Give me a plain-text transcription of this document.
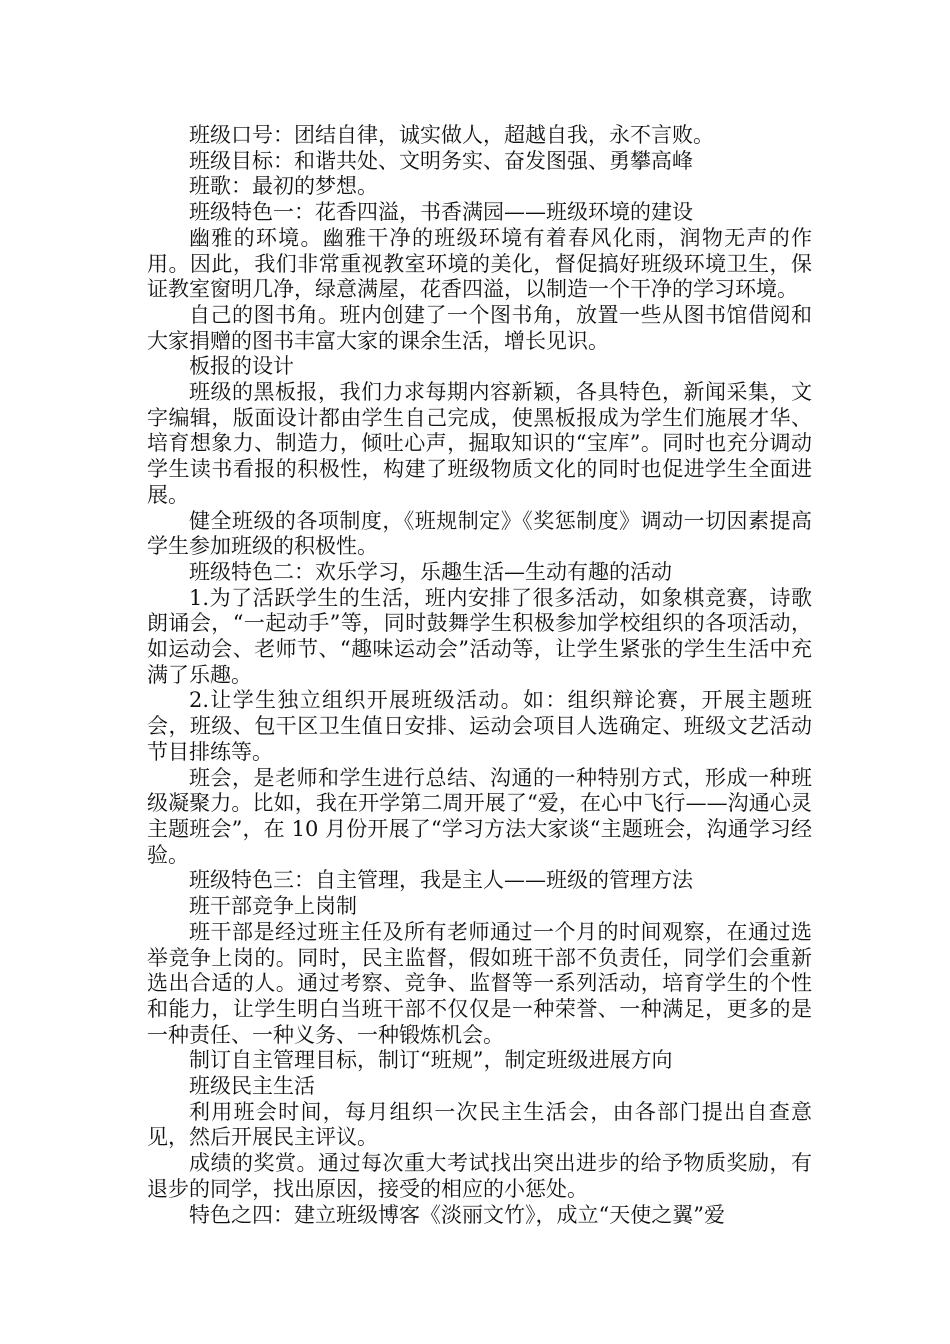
班级口号：团结自律，诚实做人，超越自我，永不言败。

班级目标：和谐共处、文明务实、奋发图强、勇攀高峰

班歌：最初的梦想。

班级特色一：花香四溢，书香满园——班级环境的建设

幽雅的环境。幽雅干净的班级环境有着春风化雨，润物无声的作用。因此，我们非常重视教室环境的美化，督促搞好班级环境卫生，保证教室窗明几净，绿意满屋，花香四溢，以制造一个干净的学习环境。

自己的图书角。班内创建了一个图书角，放置一些从图书馆借阅和大家捐赠的图书丰富大家的课余生活，增长见识。

板报的设计

班级的黑板报，我们力求每期内容新颖，各具特色，新闻采集，文字编辑，版面设计都由学生自己完成，使黑板报成为学生们施展才华、培育想象力、制造力，倾吐心声，掘取知识的“宝库”。同时也充分调动学生读书看报的积极性，构建了班级物质文化的同时也促进学生全面进展。

健全班级的各项制度，《班规制定》《奖惩制度》调动一切因素提高学生参加班级的积极性。

班级特色二：欢乐学习，乐趣生活—生动有趣的活动

1.为了活跃学生的生活，班内安排了很多活动，如象棋竞赛，诗歌朗诵会，“一起动手”等，同时鼓舞学生积极参加学校组织的各项活动，如运动会、老师节、“趣味运动会”活动等，让学生紧张的学生生活中充满了乐趣。

2.让学生独立组织开展班级活动。如：组织辩论赛，开展主题班会，班级、包干区卫生值日安排、运动会项目人选确定、班级文艺活动节目排练等。

班会，是老师和学生进行总结、沟通的一种特别方式，形成一种班级凝聚力。比如，我在开学第二周开展了“爱，在心中飞行——沟通心灵主题班会”，在 10 月份开展了“学习方法大家谈“主题班会，沟通学习经验。

班级特色三：自主管理，我是主人——班级的管理方法

班干部竞争上岗制

班干部是经过班主任及所有老师通过一个月的时间观察，在通过选举竞争上岗的。同时，民主监督，假如班干部不负责任，同学们会重新选出合适的人。通过考察、竞争、监督等一系列活动，培育学生的个性和能力，让学生明白当班干部不仅仅是一种荣誉、一种满足，更多的是一种责任、一种义务、一种锻炼机会。

制订自主管理目标，制订“班规”，制定班级进展方向

班级民主生活

利用班会时间，每月组织一次民主生活会，由各部门提出自查意见，然后开展民主评议。

成绩的奖赏。通过每次重大考试找出突出进步的给予物质奖励，有退步的同学，找出原因，接受的相应的小惩处。

特色之四：建立班级博客《淡丽文竹》，成立“天使之翼”爱
